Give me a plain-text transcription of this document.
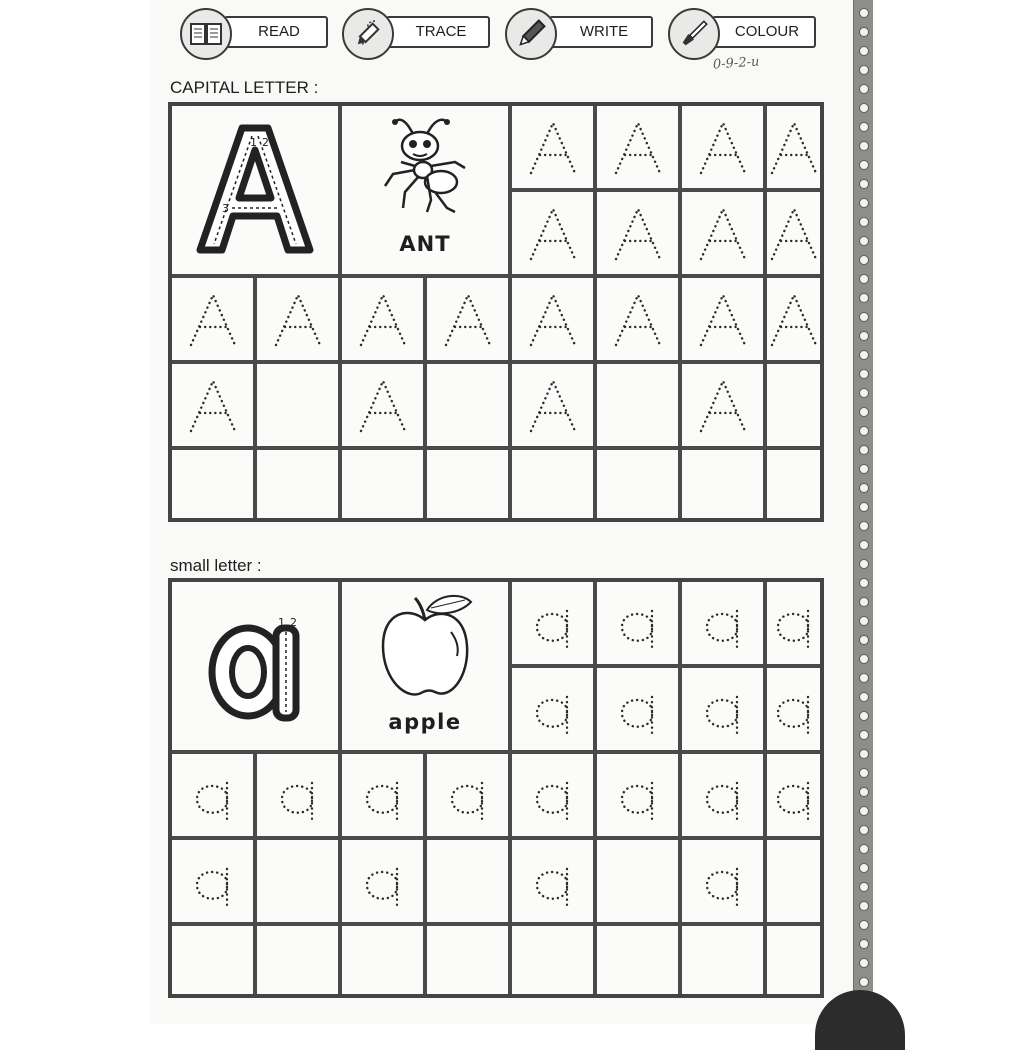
READ	TRACE	WRITE	COLOUR
0-9-2-u
CAPITAL LETTER :
1 2
3
ANT
small letter :
1 2
apple
